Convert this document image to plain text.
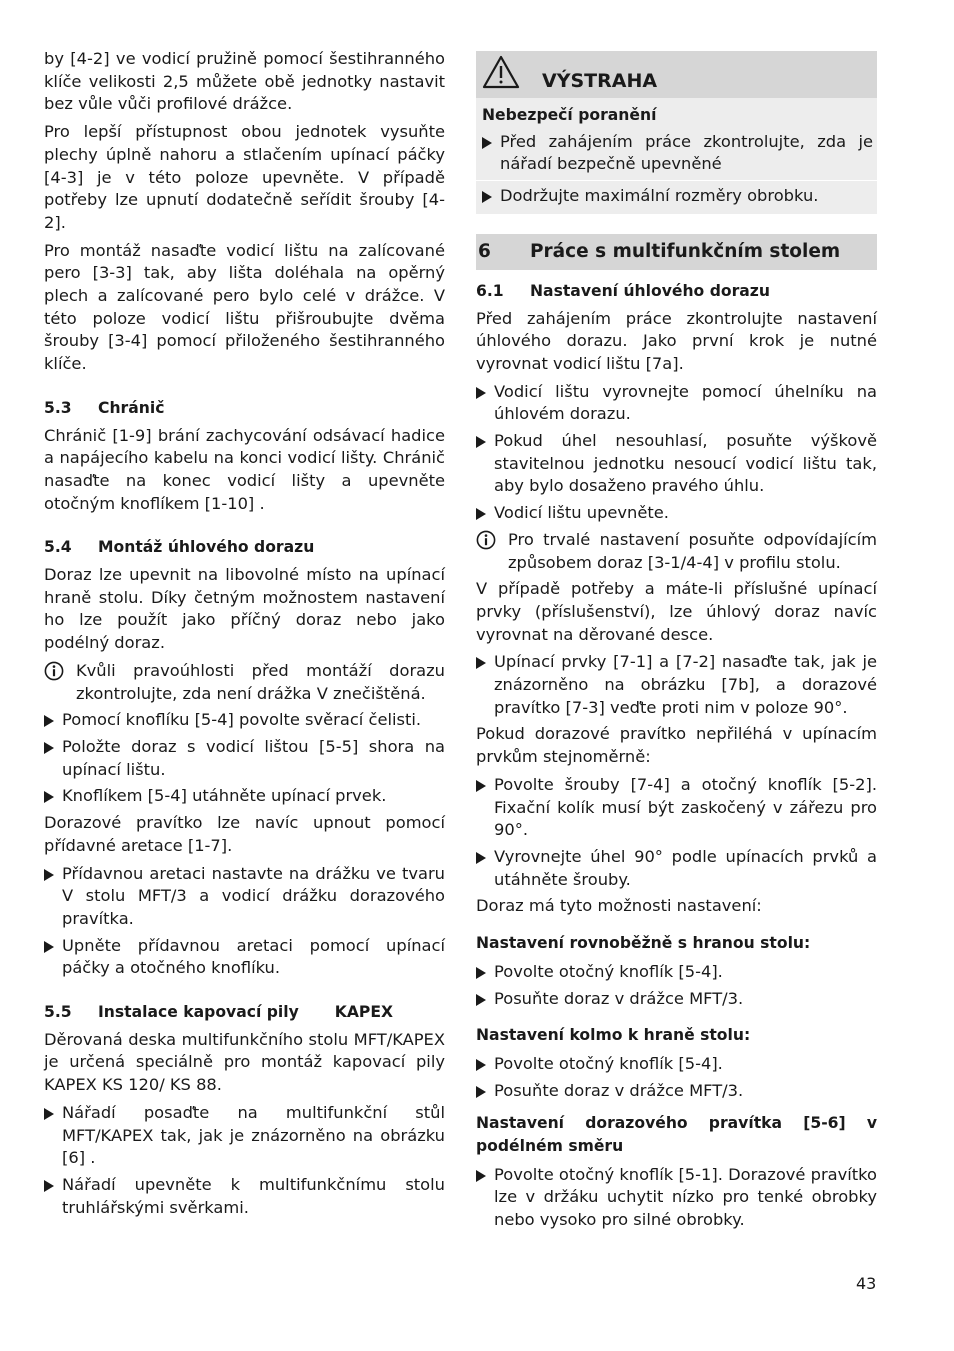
by [4-2] ve vodicí pružině pomocí šestihranného klíče velikosti 2,5 můžete obě jednotky nastavit bez vůle vůči profilové drážce.

Pro lepší přístupnost obou jednotek vysuňte plechy úplně nahoru a stlačením upínací páčky [4-3] je v této poloze upevněte. V případě potřeby lze upnutí dodatečně seřídit šrouby [4-2].

Pro montáž nasaďte vodicí lištu na zalícované pero [3-3] tak, aby lišta doléhala na opěrný plech a zalícované pero bylo celé v drážce. V této poloze vodicí lištu přišroubujte dvěma šrouby [3-4] pomocí přiloženého šestihranného klíče.

5.3 Chránič

Chránič [1-9] brání zachycování odsávací hadice a napájecího kabelu na konci vodicí lišty. Chránič nasaďte na konec vodicí lišty a upevněte otočným knoflíkem [1-10] .

5.4 Montáž úhlového dorazu

Doraz lze upevnit na libovolné místo na upínací hraně stolu. Díky četným možnostem nastavení ho lze použít jako příčný doraz nebo jako podélný doraz.

Kvůli pravoúhlosti před montáží dorazu zkontrolujte, zda není drážka V znečištěná.
Pomocí knoflíku [5-4] povolte svěrací čelisti.
Položte doraz s vodicí lištou [5-5] shora na upínací lištu.
Knoflíkem [5-4] utáhněte upínací prvek.

Dorazové pravítko lze navíc upnout pomocí přídavné aretace [1-7].

Přídavnou aretaci nastavte na drážku ve tvaru V stolu MFT/3 a vodicí drážku dorazového pravítka.
Upněte přídavnou aretaci pomocí upínací páčky a otočného knoflíku.
5.5 Instalace kapovací pily KAPEX

Děrovaná deska multifunkčního stolu MFT/KAPEX je určená speciálně pro montáž kapovací pily KAPEX KS 120/ KS 88.

Nářadí posaďte na multifunkční stůl MFT/KAPEX tak, jak je znázorněno na obrázku [6] .
Nářadí upevněte k multifunkčnímu stolu truhlářskými svěrkami.
VÝSTRAHA
Nebezpečí poranění
Před zahájením práce zkontrolujte, zda je nářadí bezpečně upevněné
Dodržujte maximální rozměry obrobku.
6 Práce s multifunkčním stolem
6.1 Nastavení úhlového dorazu

Před zahájením práce zkontrolujte nastavení úhlového dorazu. Jako první krok je nutné vyrovnat vodicí lištu [7a].

Vodicí lištu vyrovnejte pomocí úhelníku na úhlovém dorazu.
Pokud úhel nesouhlasí, posuňte výškově stavitelnou jednotku nesoucí vodicí lištu tak, aby bylo dosaženo pravého úhlu.
Vodicí lištu upevněte.
Pro trvalé nastavení posuňte odpovídajícím způsobem doraz [3-1/4-4] v profilu stolu.

V případě potřeby a máte-li příslušné upínací prvky (příslušenství), lze úhlový doraz navíc vyrovnat na děrované desce.

Upínací prvky [7-1] a [7-2] nasaďte tak, jak je znázorněno na obrázku [7b], a dorazové pravítko [7-3] veďte proti nim v poloze 90°.

Pokud dorazové pravítko nepřiléhá v upínacím prvkům stejnoměrně:

Povolte šrouby [7-4] a otočný knoflík [5-2]. Fixační kolík musí být zaskočený v zářezu pro 90°.
Vyrovnejte úhel 90° podle upínacích prvků a utáhněte šrouby.

Doraz má tyto možnosti nastavení:

Nastavení rovnoběžně s hranou stolu:
Povolte otočný knoflík [5-4].
Posuňte doraz v drážce MFT/3.
Nastavení kolmo k hraně stolu:
Povolte otočný knoflík [5-4].
Posuňte doraz v drážce MFT/3.
Nastavení dorazového pravítka [5-6] v podélném směru
Povolte otočný knoflík [5-1]. Dorazové pravítko lze v držáku uchytit nízko pro tenké obrobky nebo vysoko pro silné obrobky.
43
